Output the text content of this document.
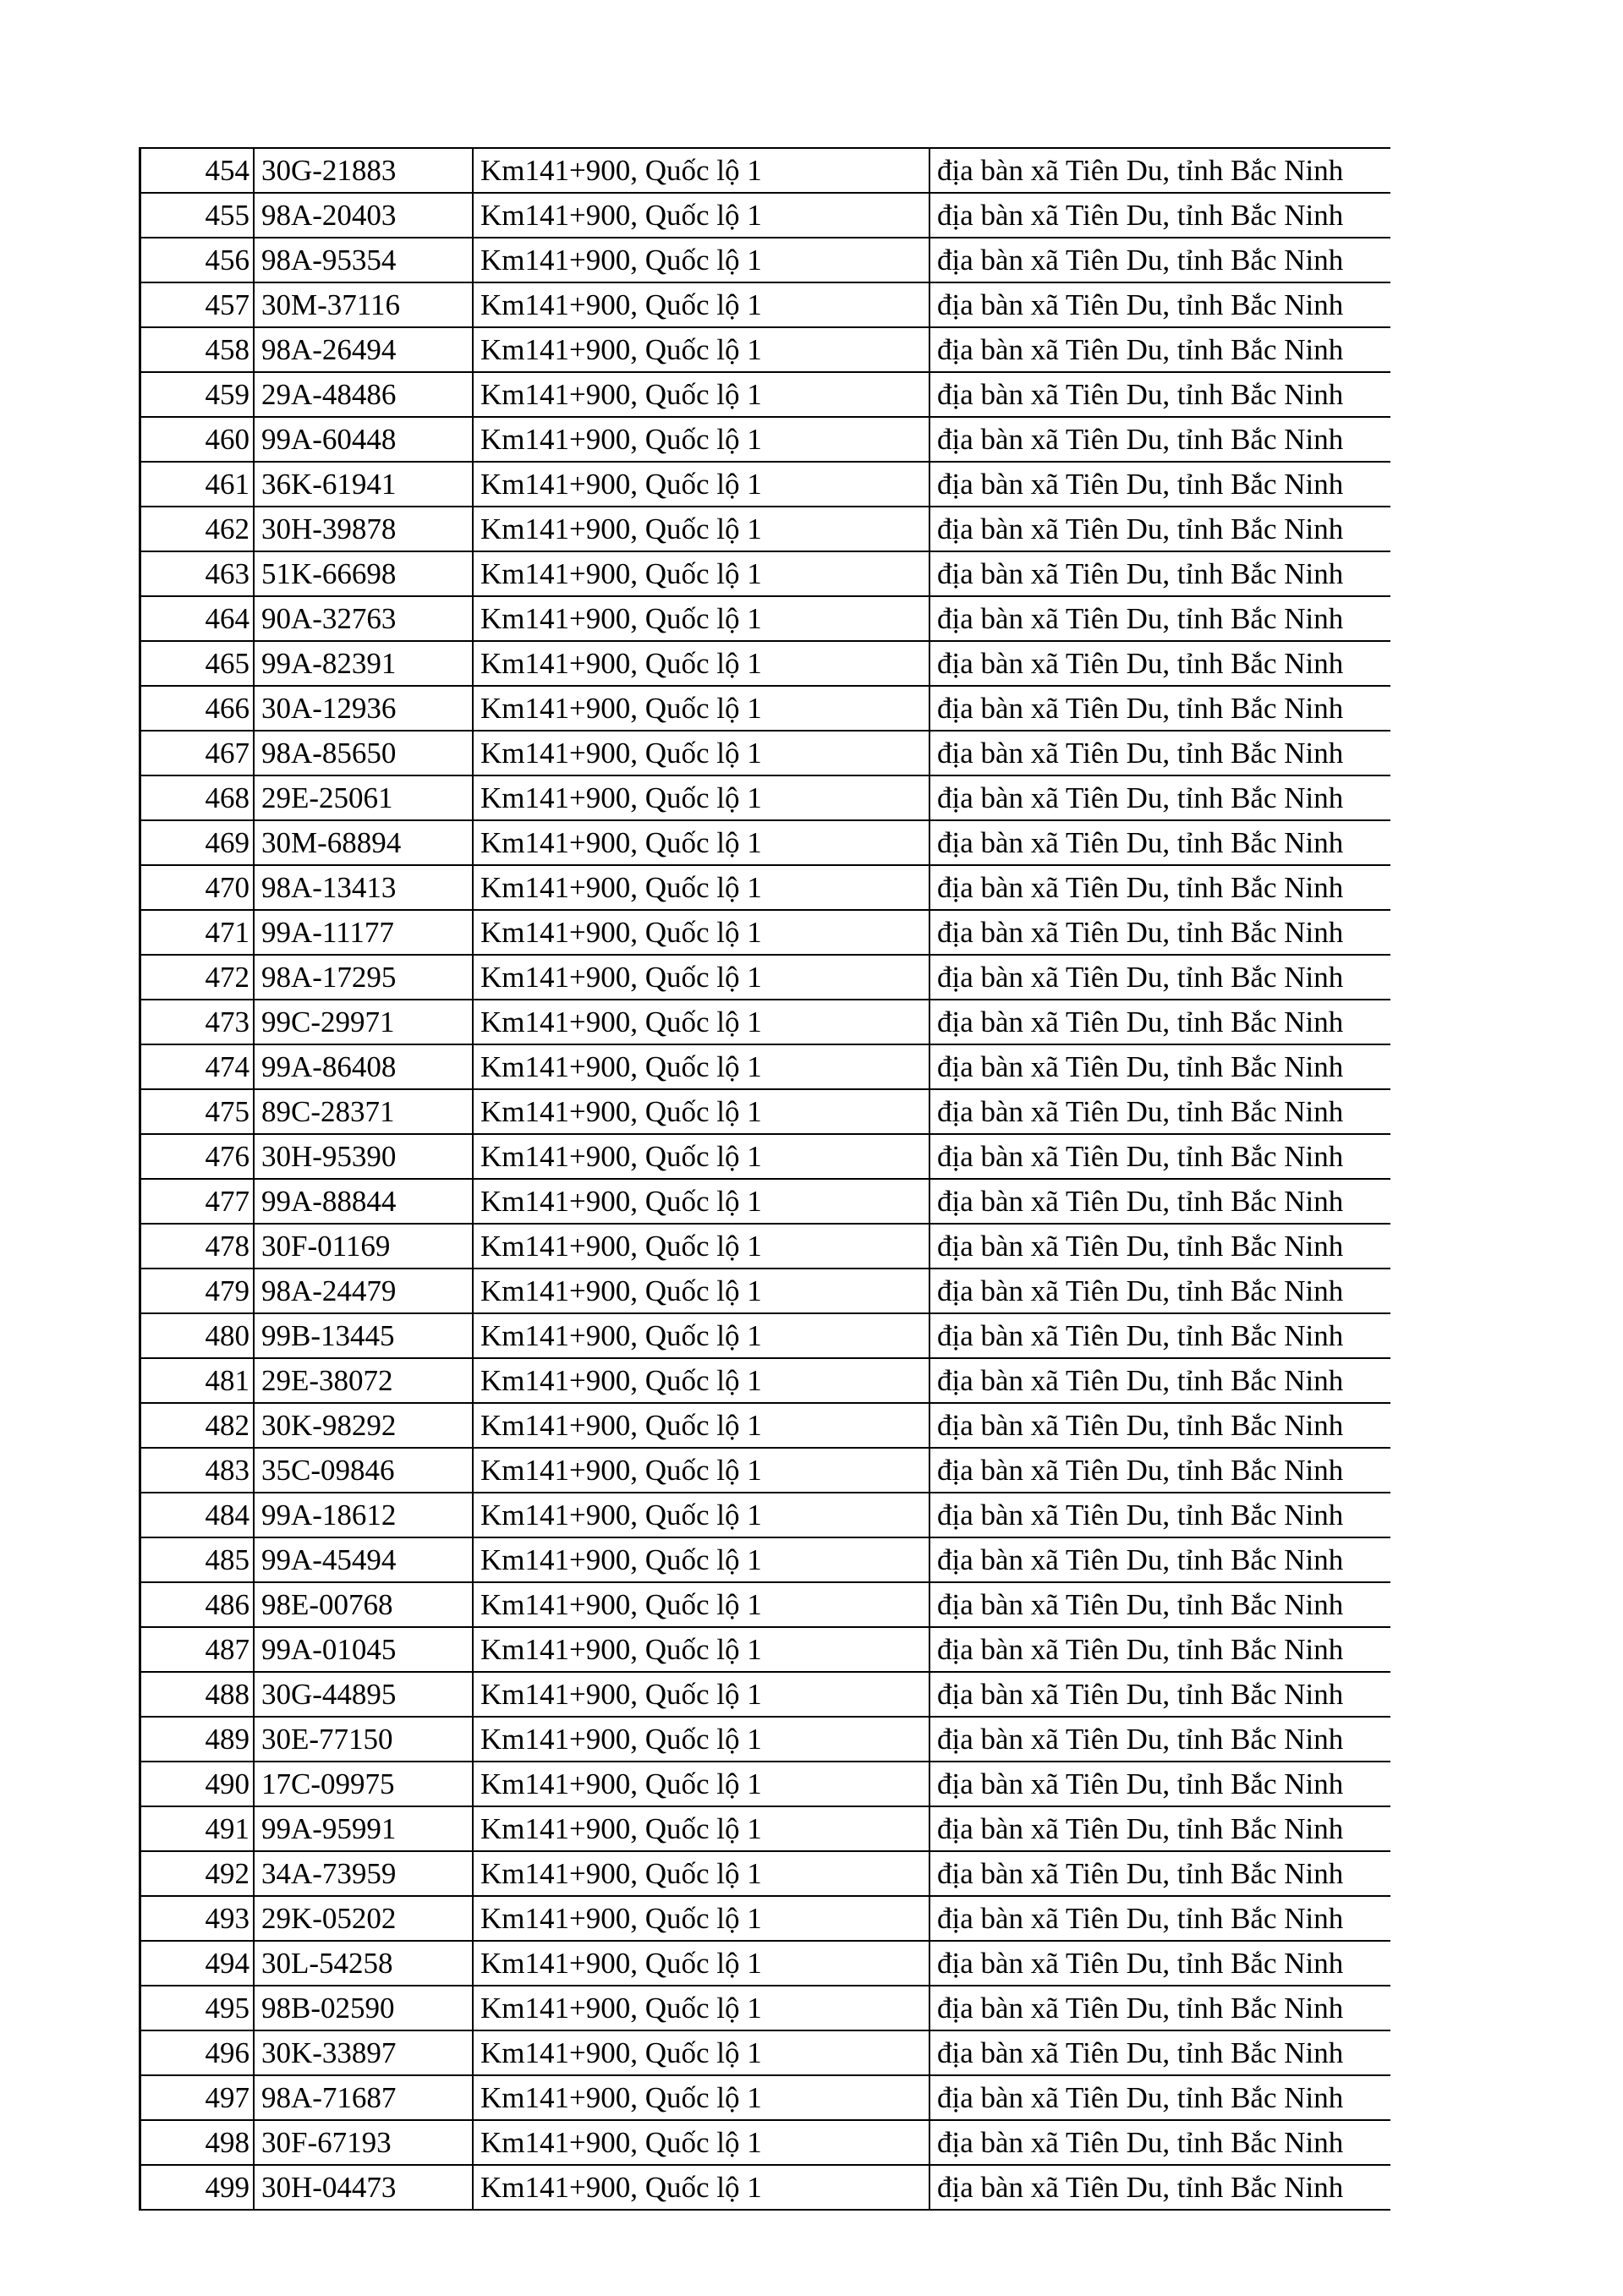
454	30G-21883	Km141+900, Quốc lộ 1	địa bàn xã Tiên Du, tỉnh Bắc Ninh
455	98A-20403	Km141+900, Quốc lộ 1	địa bàn xã Tiên Du, tỉnh Bắc Ninh
456	98A-95354	Km141+900, Quốc lộ 1	địa bàn xã Tiên Du, tỉnh Bắc Ninh
457	30M-37116	Km141+900, Quốc lộ 1	địa bàn xã Tiên Du, tỉnh Bắc Ninh
458	98A-26494	Km141+900, Quốc lộ 1	địa bàn xã Tiên Du, tỉnh Bắc Ninh
459	29A-48486	Km141+900, Quốc lộ 1	địa bàn xã Tiên Du, tỉnh Bắc Ninh
460	99A-60448	Km141+900, Quốc lộ 1	địa bàn xã Tiên Du, tỉnh Bắc Ninh
461	36K-61941	Km141+900, Quốc lộ 1	địa bàn xã Tiên Du, tỉnh Bắc Ninh
462	30H-39878	Km141+900, Quốc lộ 1	địa bàn xã Tiên Du, tỉnh Bắc Ninh
463	51K-66698	Km141+900, Quốc lộ 1	địa bàn xã Tiên Du, tỉnh Bắc Ninh
464	90A-32763	Km141+900, Quốc lộ 1	địa bàn xã Tiên Du, tỉnh Bắc Ninh
465	99A-82391	Km141+900, Quốc lộ 1	địa bàn xã Tiên Du, tỉnh Bắc Ninh
466	30A-12936	Km141+900, Quốc lộ 1	địa bàn xã Tiên Du, tỉnh Bắc Ninh
467	98A-85650	Km141+900, Quốc lộ 1	địa bàn xã Tiên Du, tỉnh Bắc Ninh
468	29E-25061	Km141+900, Quốc lộ 1	địa bàn xã Tiên Du, tỉnh Bắc Ninh
469	30M-68894	Km141+900, Quốc lộ 1	địa bàn xã Tiên Du, tỉnh Bắc Ninh
470	98A-13413	Km141+900, Quốc lộ 1	địa bàn xã Tiên Du, tỉnh Bắc Ninh
471	99A-11177	Km141+900, Quốc lộ 1	địa bàn xã Tiên Du, tỉnh Bắc Ninh
472	98A-17295	Km141+900, Quốc lộ 1	địa bàn xã Tiên Du, tỉnh Bắc Ninh
473	99C-29971	Km141+900, Quốc lộ 1	địa bàn xã Tiên Du, tỉnh Bắc Ninh
474	99A-86408	Km141+900, Quốc lộ 1	địa bàn xã Tiên Du, tỉnh Bắc Ninh
475	89C-28371	Km141+900, Quốc lộ 1	địa bàn xã Tiên Du, tỉnh Bắc Ninh
476	30H-95390	Km141+900, Quốc lộ 1	địa bàn xã Tiên Du, tỉnh Bắc Ninh
477	99A-88844	Km141+900, Quốc lộ 1	địa bàn xã Tiên Du, tỉnh Bắc Ninh
478	30F-01169	Km141+900, Quốc lộ 1	địa bàn xã Tiên Du, tỉnh Bắc Ninh
479	98A-24479	Km141+900, Quốc lộ 1	địa bàn xã Tiên Du, tỉnh Bắc Ninh
480	99B-13445	Km141+900, Quốc lộ 1	địa bàn xã Tiên Du, tỉnh Bắc Ninh
481	29E-38072	Km141+900, Quốc lộ 1	địa bàn xã Tiên Du, tỉnh Bắc Ninh
482	30K-98292	Km141+900, Quốc lộ 1	địa bàn xã Tiên Du, tỉnh Bắc Ninh
483	35C-09846	Km141+900, Quốc lộ 1	địa bàn xã Tiên Du, tỉnh Bắc Ninh
484	99A-18612	Km141+900, Quốc lộ 1	địa bàn xã Tiên Du, tỉnh Bắc Ninh
485	99A-45494	Km141+900, Quốc lộ 1	địa bàn xã Tiên Du, tỉnh Bắc Ninh
486	98E-00768	Km141+900, Quốc lộ 1	địa bàn xã Tiên Du, tỉnh Bắc Ninh
487	99A-01045	Km141+900, Quốc lộ 1	địa bàn xã Tiên Du, tỉnh Bắc Ninh
488	30G-44895	Km141+900, Quốc lộ 1	địa bàn xã Tiên Du, tỉnh Bắc Ninh
489	30E-77150	Km141+900, Quốc lộ 1	địa bàn xã Tiên Du, tỉnh Bắc Ninh
490	17C-09975	Km141+900, Quốc lộ 1	địa bàn xã Tiên Du, tỉnh Bắc Ninh
491	99A-95991	Km141+900, Quốc lộ 1	địa bàn xã Tiên Du, tỉnh Bắc Ninh
492	34A-73959	Km141+900, Quốc lộ 1	địa bàn xã Tiên Du, tỉnh Bắc Ninh
493	29K-05202	Km141+900, Quốc lộ 1	địa bàn xã Tiên Du, tỉnh Bắc Ninh
494	30L-54258	Km141+900, Quốc lộ 1	địa bàn xã Tiên Du, tỉnh Bắc Ninh
495	98B-02590	Km141+900, Quốc lộ 1	địa bàn xã Tiên Du, tỉnh Bắc Ninh
496	30K-33897	Km141+900, Quốc lộ 1	địa bàn xã Tiên Du, tỉnh Bắc Ninh
497	98A-71687	Km141+900, Quốc lộ 1	địa bàn xã Tiên Du, tỉnh Bắc Ninh
498	30F-67193	Km141+900, Quốc lộ 1	địa bàn xã Tiên Du, tỉnh Bắc Ninh
499	30H-04473	Km141+900, Quốc lộ 1	địa bàn xã Tiên Du, tỉnh Bắc Ninh
